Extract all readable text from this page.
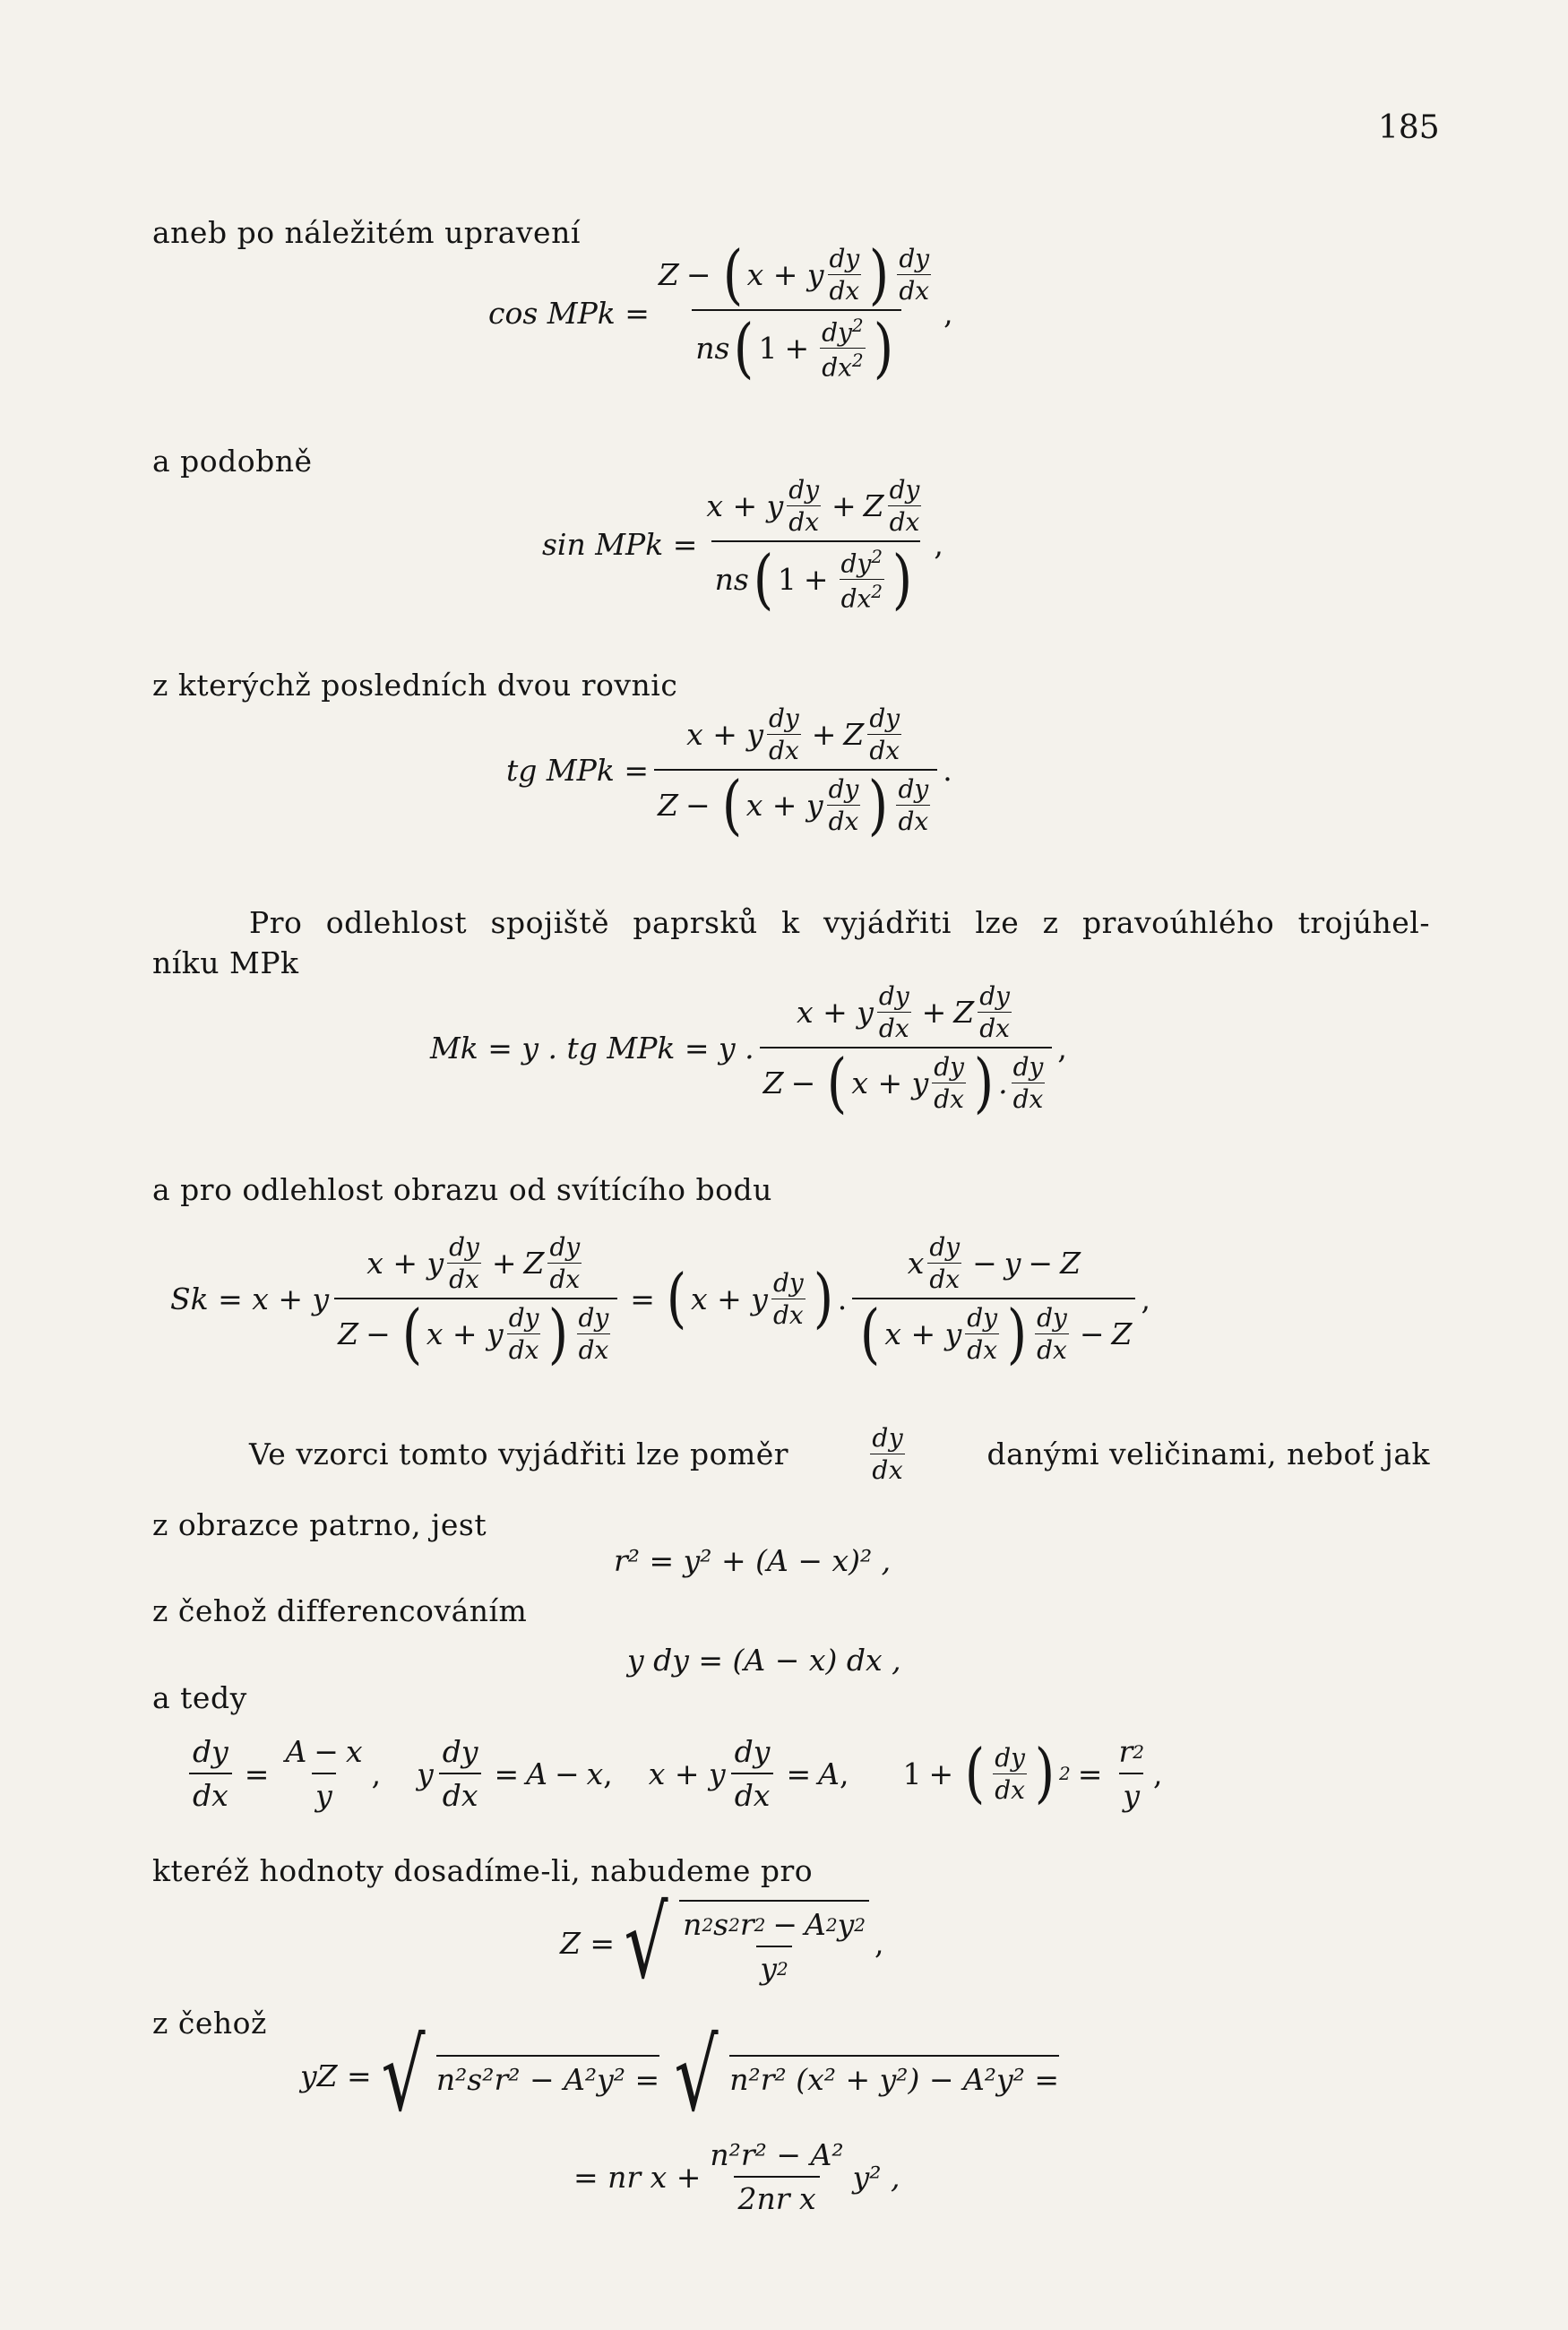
185
aneb po náležitém upravení
cos MPk = $\frac{Z - ( x + y \frac{dy}{dx} ) \frac{dy}{dx}}{ns ( 1 + \frac{dy^2}{dx^2} )}$ ,
a podobně
sin MPk = $\frac{x + y \frac{dy}{dx} + Z \frac{dy}{dx}}{ns ( 1 + \frac{dy^2}{dx^2} )}$ ,
z kterýchž posledních dvou rovnic
tg MPk = $\frac{x + y \frac{dy}{dx} + Z \frac{dy}{dx}}{Z - ( x + y \frac{dy}{dx} ) \frac{dy}{dx}}$ .
Pro odlehlost spojiště paprsků k vyjádřiti lze z pravoúhlého trojúhel-
níku MPk
Mk = y . tg MPk = y . $\frac{x + y \frac{dy}{dx} + Z \frac{dy}{dx}}{Z - ( x + y \frac{dy}{dx} ) . \frac{dy}{dx}}$ ,
a pro odlehlost obrazu od svítícího bodu
Sk = x + y $\frac{x + y \frac{dy}{dx} + Z \frac{dy}{dx}}{Z - ( x + y \frac{dy}{dx} ) \frac{dy}{dx}}$ = ( x + y $\frac{dy}{dx}$ ) . $\frac{x \frac{dy}{dx} - y - Z}{( x + y \frac{dy}{dx} ) \frac{dy}{dx} - Z}$ ,
Ve vzorci tomto vyjádřiti lze poměr	$\frac{dy}{dx}$	danými veličinami, neboť jak
z obrazce patrno, jest
r² = y² + (A − x)² ,
z čehož differencováním
y dy = (A − x) dx ,
a tedy
$\frac{dy}{dx} = \frac{A - x}{y}$ , y $\frac{dy}{dx} = A - x$ , x + y $\frac{dy}{dx} = A$ , 1 + ( $\frac{dy}{dx}$ ) $2 = \frac{r 2}{y}$ ,
kteréž hodnoty dosadíme-li, nabudeme pro
Z = √ $\frac{n 2 s 2 r 2 - A 2 y 2}{y 2}$ ,
z čehož
yZ = √ n²s²r² − A²y² = √ n²r² (x² + y²) − A²y² =
= nr $x + \frac{\text{n²r² − A²}}{\text{2nr x}} y^2$ ,
